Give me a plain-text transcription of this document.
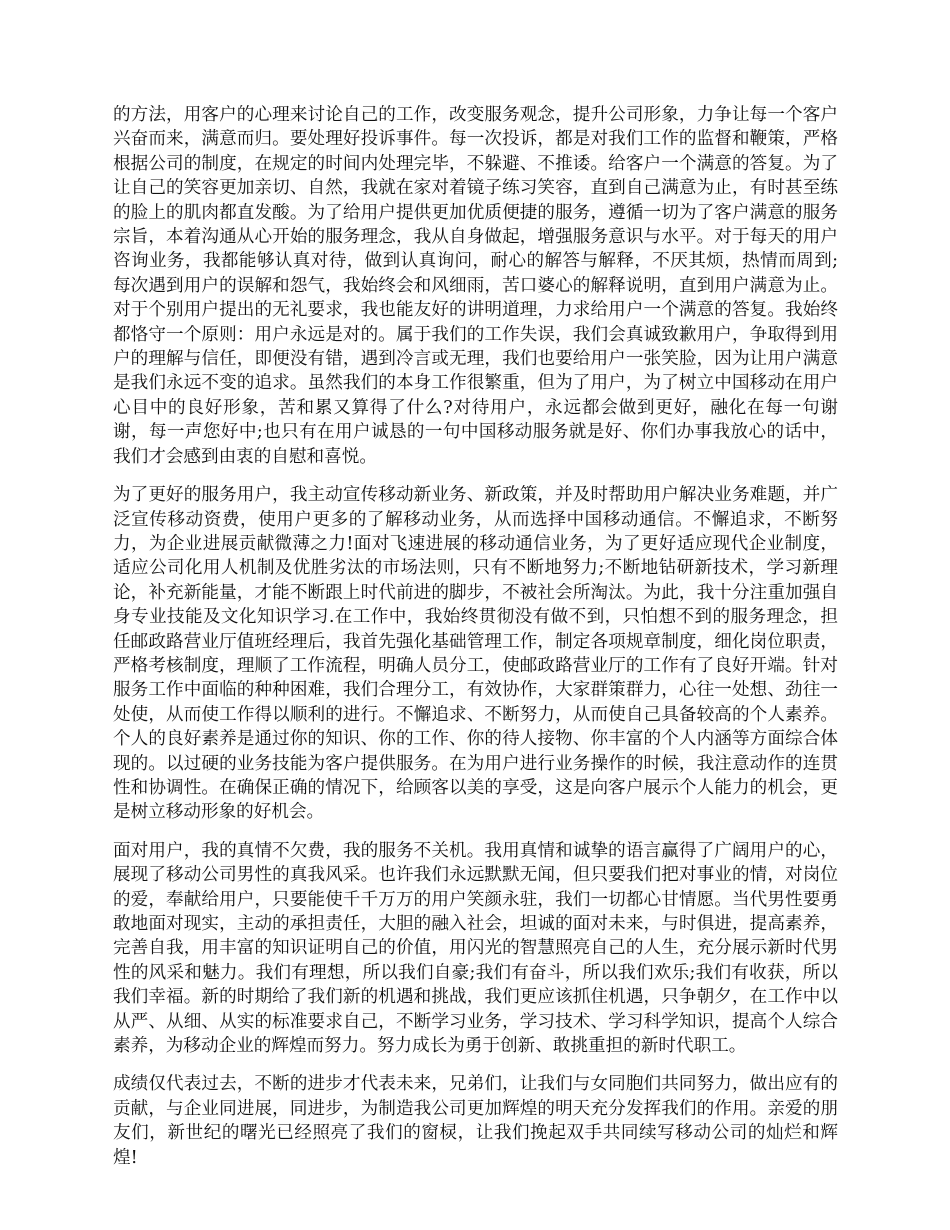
的方法，用客户的心理来讨论自己的工作，改变服务观念，提升公司形象，力争让每一个客户兴奋而来，满意而归。要处理好投诉事件。每一次投诉，都是对我们工作的监督和鞭策，严格根据公司的制度，在规定的时间内处理完毕，不躲避、不推诿。给客户一个满意的答复。为了让自己的笑容更加亲切、自然，我就在家对着镜子练习笑容，直到自己满意为止，有时甚至练的脸上的肌肉都直发酸。为了给用户提供更加优质便捷的服务，遵循一切为了客户满意的服务宗旨，本着沟通从心开始的服务理念，我从自身做起，增强服务意识与水平。对于每天的用户咨询业务，我都能够认真对待，做到认真询问，耐心的解答与解释，不厌其烦，热情而周到;每次遇到用户的误解和怨气，我始终会和风细雨，苦口婆心的解释说明，直到用户满意为止。对于个别用户提出的无礼要求，我也能友好的讲明道理，力求给用户一个满意的答复。我始终都恪守一个原则：用户永远是对的。属于我们的工作失误，我们会真诚致歉用户，争取得到用户的理解与信任，即便没有错，遇到冷言或无理，我们也要给用户一张笑脸，因为让用户满意是我们永远不变的追求。虽然我们的本身工作很繁重，但为了用户，为了树立中国移动在用户心目中的良好形象，苦和累又算得了什么?对待用户，永远都会做到更好，融化在每一句谢谢，每一声您好中;也只有在用户诚恳的一句中国移动服务就是好、你们办事我放心的话中，我们才会感到由衷的自慰和喜悦。

为了更好的服务用户，我主动宣传移动新业务、新政策，并及时帮助用户解决业务难题，并广泛宣传移动资费，使用户更多的了解移动业务，从而选择中国移动通信。不懈追求，不断努力，为企业进展贡献微薄之力!面对飞速进展的移动通信业务，为了更好适应现代企业制度，适应公司化用人机制及优胜劣汰的市场法则，只有不断地努力;不断地钻研新技术，学习新理论，补充新能量，才能不断跟上时代前进的脚步，不被社会所淘汰。为此，我十分注重加强自身专业技能及文化知识学习.在工作中，我始终贯彻没有做不到，只怕想不到的服务理念，担任邮政路营业厅值班经理后，我首先强化基础管理工作，制定各项规章制度，细化岗位职责，严格考核制度，理顺了工作流程，明确人员分工，使邮政路营业厅的工作有了良好开端。针对服务工作中面临的种种困难，我们合理分工，有效协作，大家群策群力，心往一处想、劲往一处使，从而使工作得以顺利的进行。不懈追求、不断努力，从而使自己具备较高的个人素养。个人的良好素养是通过你的知识、你的工作、你的待人接物、你丰富的个人内涵等方面综合体现的。以过硬的业务技能为客户提供服务。在为用户进行业务操作的时候，我注意动作的连贯性和协调性。在确保正确的情况下，给顾客以美的享受，这是向客户展示个人能力的机会，更是树立移动形象的好机会。

面对用户，我的真情不欠费，我的服务不关机。我用真情和诚挚的语言赢得了广阔用户的心，展现了移动公司男性的真我风采。也许我们永远默默无闻，但只要我们把对事业的情，对岗位的爱，奉献给用户，只要能使千千万万的用户笑颜永驻，我们一切都心甘情愿。当代男性要勇敢地面对现实，主动的承担责任，大胆的融入社会，坦诚的面对未来，与时俱进，提高素养，完善自我，用丰富的知识证明自己的价值，用闪光的智慧照亮自己的人生，充分展示新时代男性的风采和魅力。我们有理想，所以我们自豪;我们有奋斗，所以我们欢乐;我们有收获，所以我们幸福。新的时期给了我们新的机遇和挑战，我们更应该抓住机遇，只争朝夕，在工作中以从严、从细、从实的标准要求自己，不断学习业务，学习技术、学习科学知识，提高个人综合素养，为移动企业的辉煌而努力。努力成长为勇于创新、敢挑重担的新时代职工。

成绩仅代表过去，不断的进步才代表未来，兄弟们，让我们与女同胞们共同努力，做出应有的贡献，与企业同进展，同进步，为制造我公司更加辉煌的明天充分发挥我们的作用。亲爱的朋友们，新世纪的曙光已经照亮了我们的窗棂，让我们挽起双手共同续写移动公司的灿烂和辉煌!
